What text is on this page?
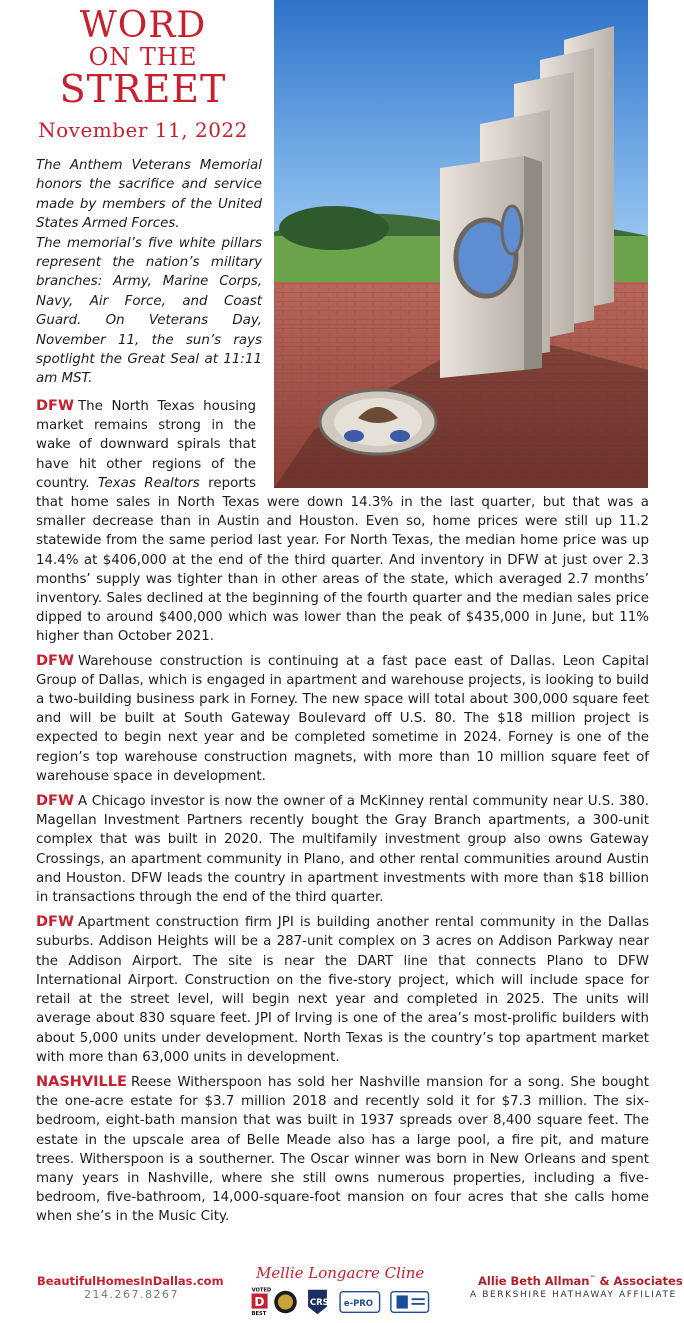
WORD
ON THE
STREET
November 11, 2022

The Anthem Veterans Memorial honors the sacrifice and service made by members of the United States Armed Forces.

The memorial’s five white pillars represent the nation’s military branches: Army, Marine Corps, Navy, Air Force, and Coast Guard. On Veterans Day, November 11, the sun’s rays spotlight the Great Seal at 11:11 am MST.

DFW The North Texas housing market remains strong in the wake of downward spirals that have hit other regions of the country. Texas Realtors reports that home sales in North Texas were down 14.3% in the last quarter, but that was a smaller decrease than in Austin and Houston. Even so, home prices were still up 11.2 statewide from the same period last year. For North Texas, the median home price was up 14.4% at $406,000 at the end of the third quarter. And inventory in DFW at just over 2.3 months’ supply was tighter than in other areas of the state, which averaged 2.7 months’ inventory. Sales declined at the beginning of the fourth quarter and the median sales price dipped to around $400,000 which was lower than the peak of $435,000 in June, but 11% higher than October 2021.

DFW Warehouse construction is continuing at a fast pace east of Dallas. Leon Capital Group of Dallas, which is engaged in apartment and warehouse projects, is looking to build a two-building business park in Forney. The new space will total about 300,000 square feet and will be built at South Gateway Boulevard off U.S. 80. The $18 million project is expected to begin next year and be completed sometime in 2024. Forney is one of the region’s top warehouse construction magnets, with more than 10 million square feet of warehouse space in development.

DFW A Chicago investor is now the owner of a McKinney rental community near U.S. 380. Magellan Investment Partners recently bought the Gray Branch apartments, a 300-unit complex that was built in 2020. The multifamily investment group also owns Gateway Crossings, an apartment community in Plano, and other rental communities around Austin and Houston. DFW leads the country in apartment investments with more than $18 billion in transactions through the end of the third quarter.

DFW Apartment construction firm JPI is building another rental community in the Dallas suburbs. Addison Heights will be a 287-unit complex on 3 acres on Addison Parkway near the Addison Airport. The site is near the DART line that connects Plano to DFW International Airport. Construction on the five-story project, which will include space for retail at the street level, will begin next year and completed in 2025. The units will average about 830 square feet. JPI of Irving is one of the area’s most-prolific builders with about 5,000 units under development. North Texas is the country’s top apartment market with more than 63,000 units in development.

NASHVILLE Reese Witherspoon has sold her Nashville mansion for a song. She bought the one-acre estate for $3.7 million 2018 and recently sold it for $7.3 million. The six-bedroom, eight-bath mansion that was built in 1937 spreads over 8,400 square feet. The estate in the upscale area of Belle Meade also has a large pool, a fire pit, and mature trees. Witherspoon is a southerner. The Oscar winner was born in New Orleans and spent many years in Nashville, where she still owns numerous properties, including a five-bedroom, five-bathroom, 14,000-square-foot mansion on four acres that she calls home when she’s in the Music City.

BeautifulHomesInDallas.com
214.267.8267
Mellie Longacre Cline
VOTED
D
BEST
CRS e-PRO
Allie Beth Allman™ & Associates
A BERKSHIRE HATHAWAY AFFILIATE
